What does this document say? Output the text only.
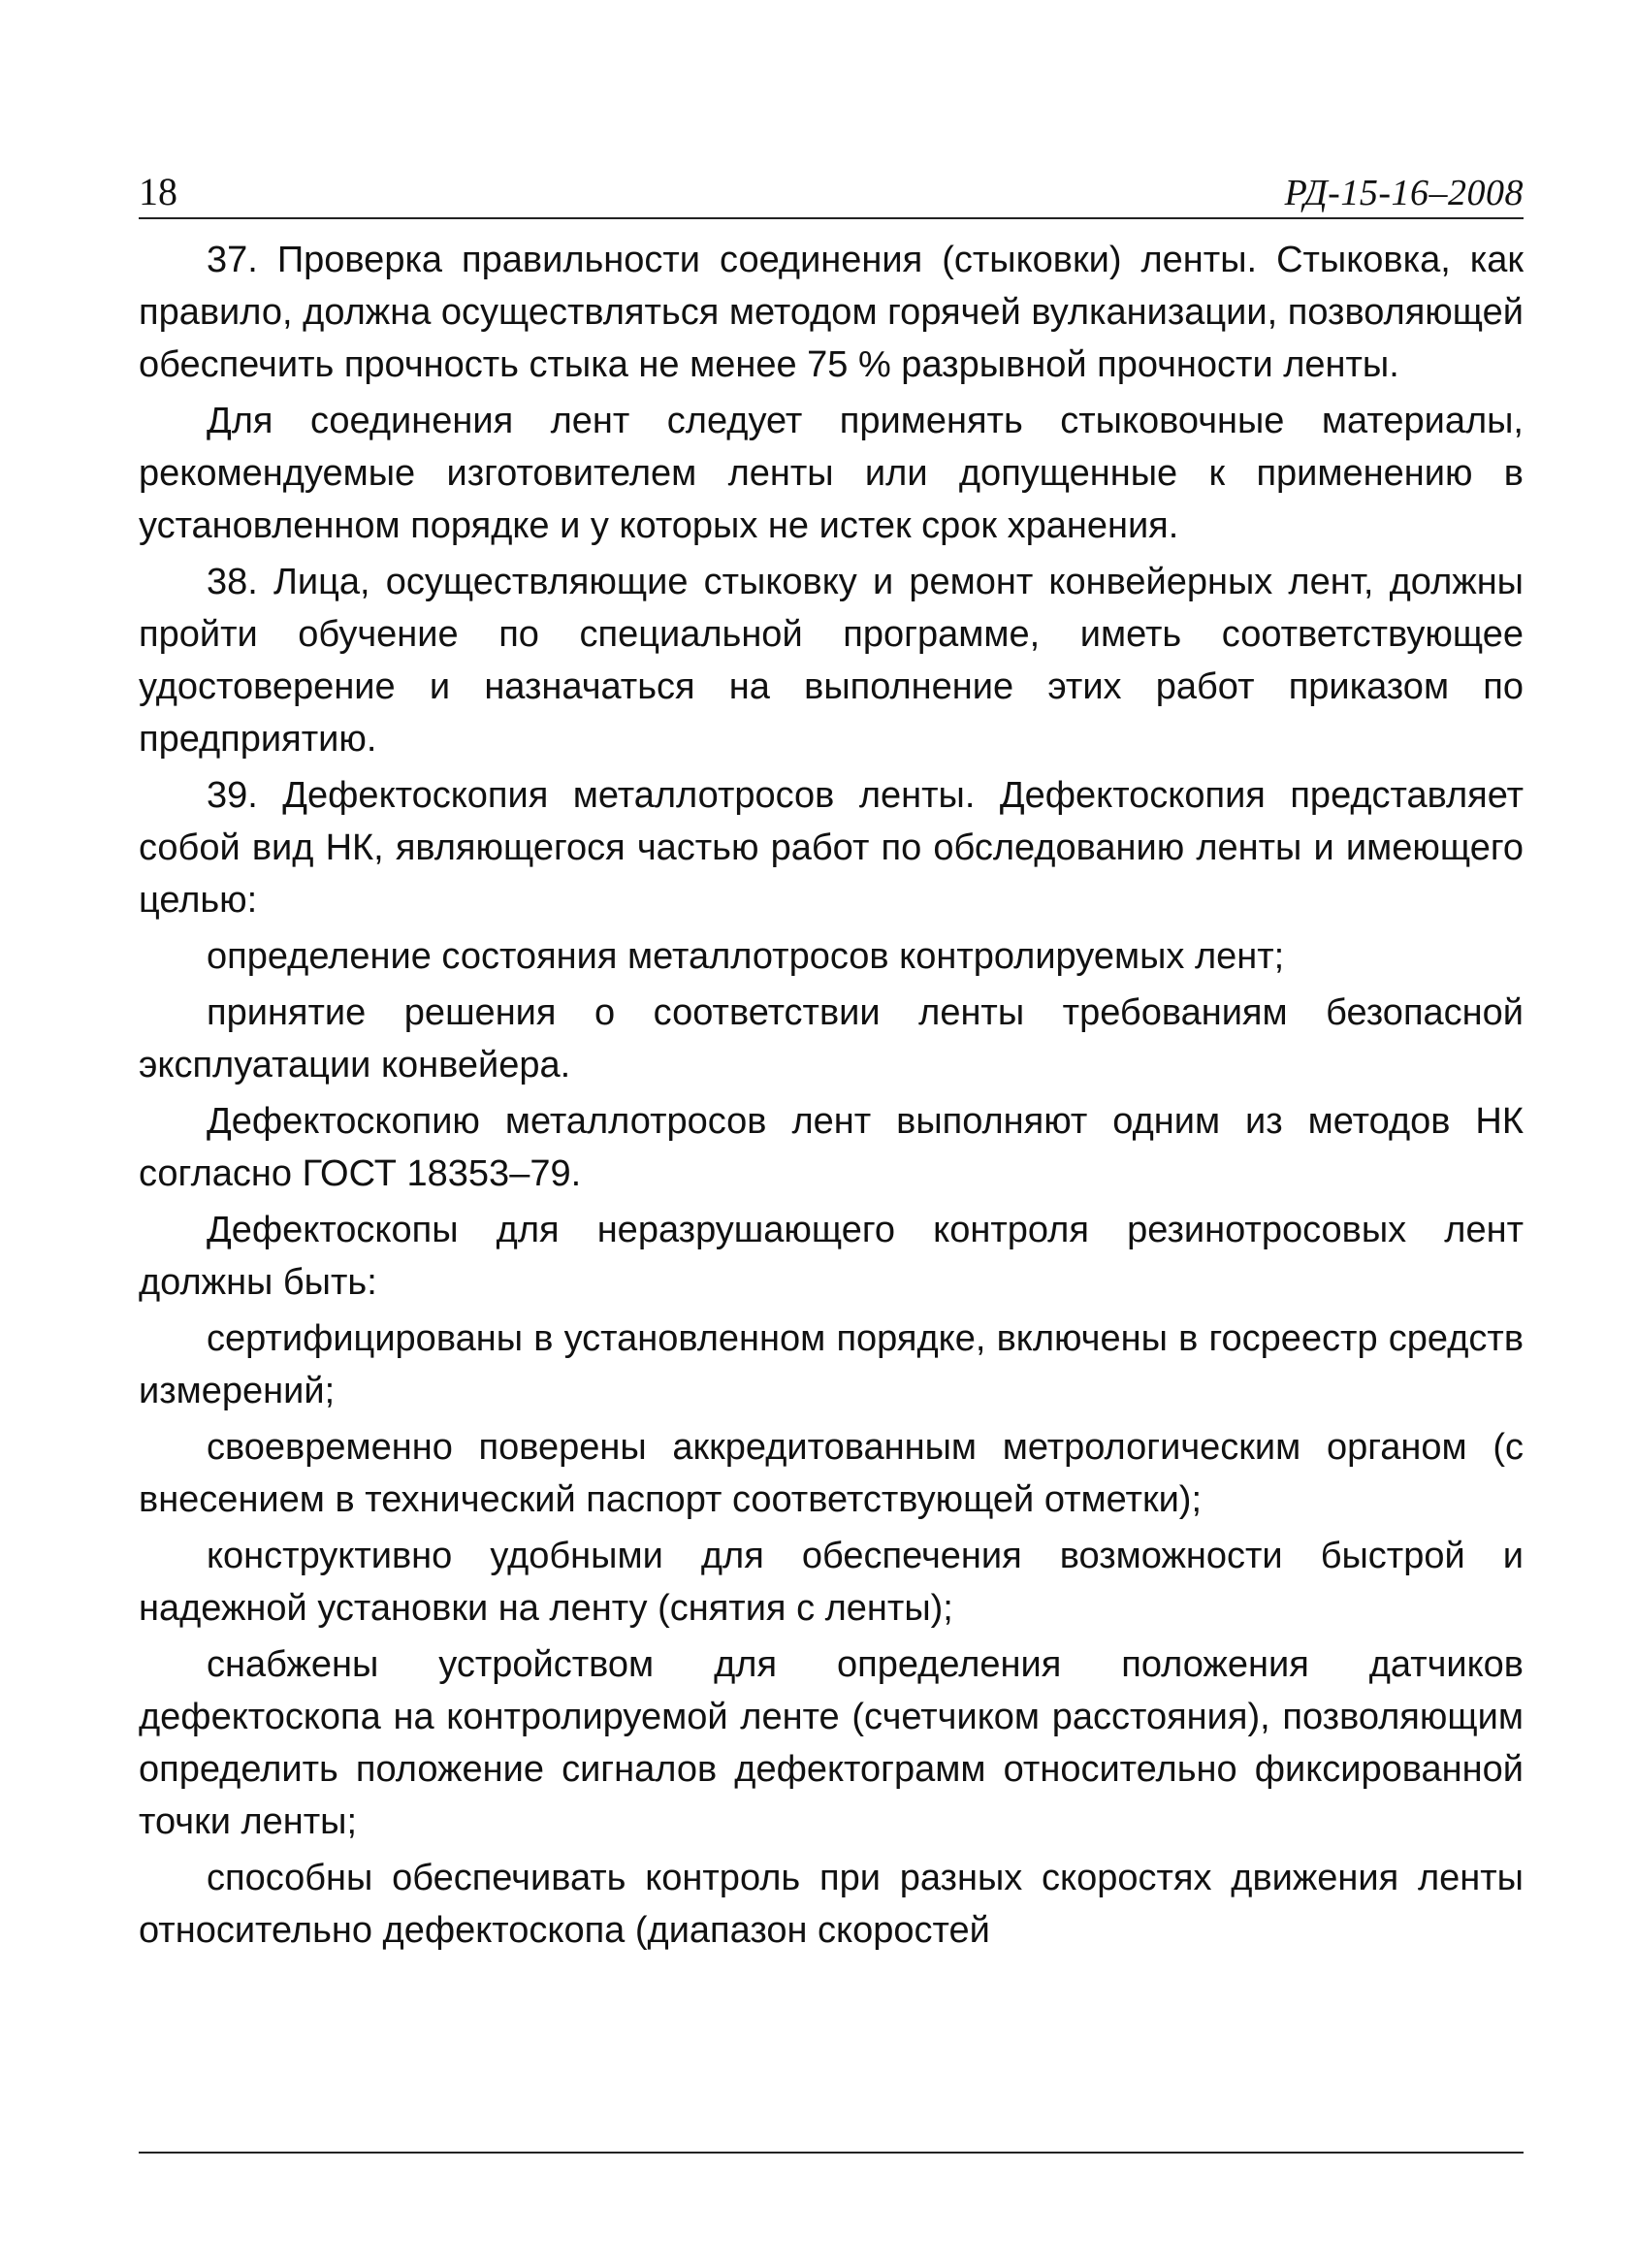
18	РД-15-16–2008

37. Проверка правильности соединения (стыковки) ленты. Стыковка, как правило, должна осуществляться методом горячей вулканизации, позволяющей обеспечить прочность стыка не менее 75 % разрывной прочности ленты.

Для соединения лент следует применять стыковочные материалы, рекомендуемые изготовителем ленты или допущенные к применению в установленном порядке и у которых не истек срок хранения.

38. Лица, осуществляющие стыковку и ремонт конвейерных лент, должны пройти обучение по специальной программе, иметь соответствующее удостоверение и назначаться на выполнение этих работ приказом по предприятию.

39. Дефектоскопия металлотросов ленты. Дефектоскопия представляет собой вид НК, являющегося частью работ по обследованию ленты и имеющего целью:

определение состояния металлотросов контролируемых лент;

принятие решения о соответствии ленты требованиям безопасной эксплуатации конвейера.

Дефектоскопию металлотросов лент выполняют одним из методов НК согласно ГОСТ 18353–79.

Дефектоскопы для неразрушающего контроля резинотросовых лент должны быть:

сертифицированы в установленном порядке, включены в госреестр средств измерений;

своевременно поверены аккредитованным метрологическим органом (с внесением в технический паспорт соответствующей отметки);

конструктивно удобными для обеспечения возможности быстрой и надежной установки на ленту (снятия с ленты);

снабжены устройством для определения положения датчиков дефектоскопа на контролируемой ленте (счетчиком расстояния), позволяющим определить положение сигналов дефектограмм относительно фиксированной точки ленты;

способны обеспечивать контроль при разных скоростях движения ленты относительно дефектоскопа (диапазон скоростей
